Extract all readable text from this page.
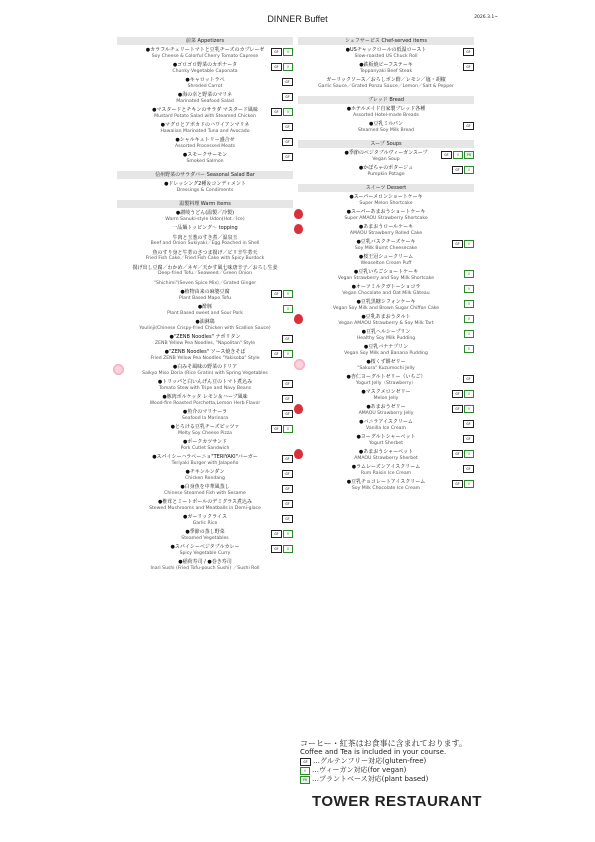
DINNER Buffet	2026.3.1~
前菜 Appetizers
●カラフルチェリートマトと豆乳チーズのカプレーゼ
Soy Cheese & Colorful Cherry Tomato Caprese
GF	V
●ゴロゴロ野菜のカポナータ
Chunky Vegetable Caponata
GF	V
●キャロットラペ
Shreded Carrot
GF
●海の幸と野菜のマリネ
Marinated Seafood Salad
GF
●マスタードとチキンのサラダ マスタード風味
Mustard Potato Salad with Steamed Chicken
GF	V
●マグロとアボカドのハワイアンマリネ
Hawaiian Marinated Tuna and Avocado
GF
●シャルキュトリー盛合せ
Assorted Processed Meats
GF
●スモークサーモン
Smoked Salmon
GF
信州野菜のサラダバー Seasonal Salad Bar
●ドレッシング2種＆コンディメント
Dressings & Condiments
温製料理 Warm items
●讃岐うどん(温製／冷製)
Warm Sanuki-style Udon(Hot／Ice)
一品麺トッピング〜 topping
牛肉と玉葱のすき煮／温泉玉
Beef and Onion Sukiyaki／Egg Poached in Shell
魚のすり身と牛蒡のさつま揚げ／ピリ辛牛蒡天
Fried Fish Cake／Fried Fish Cake with Spicy Burdock
揚げ出し豆腐／わかめ／ネギ／天かす風七味唐辛子／おろし生姜
Deep-fried Tofu／Seaweed／Green Onion
"Shichimi"(Seven Spice Mix)／Grated Ginger
●植物由来の麻婆豆腐
Plant Based Mapo Tofu
GF	V
●酢豚
Plant Based sweet and Sour Pork
V
●油淋鶏
Youlinji(Chinese Crispy-fried Chicken with Scallion Sauce)
●"ZENB Noodles" ナポリタン
ZENB Yellow Pea Noodles, "Napolitan" Style
GF
●"ZENB Noodles" ソース焼きそば
Fried ZENB Yellow Pea Noodles "Yakisoba" Style
GF	V
●白みそ風味の野菜のドリア
Saikyo Miso Doria (Rice Gratin) with Spring Vegetables
●トリッパと白いんげん豆のトマト煮込み
Tomato Stew with Tripe and Navy Beans
GF
●豚肉ポルケッタ レモン＆ハーブ風味
Wood-fire Roasted Porchetta,Lemon Herb Flavor
GF
●魚介のマリナーラ
Seafood la Marinara
GF
●とろける豆乳チーズピッツァ
Melty Soy Cheese Pizza
GF	V
●ポークカツサンド
Pork Cutlet Sandwich
●スパイシーハラペーニョ"TERIYAKI"バーガー
Teriyaki Burger with Jalapeño
GF
●チキンルンダン
Chicken Rendang
GF
●白身魚を中華風蒸し
Chinese Steamed Fish with Sesame
GF
●椎茸とミートボールのデミグラス煮込み
Stewed Mushrooms and Meatballs in Demi-glace
GF
●ガーリックライス
Garlic Rice
GF
●季節の蒸し野菜
Steamed Vegetables
GF	V
●スパイシーベジタブルカレー
Spicy Vegetable Curry
GF	V
●稲荷寿司 / ●巻き寿司
Inari Sushi (Fried Tofu-pouch Sushi) ／Sushi Roll
シェフサービス Chef-served items
●USチャックロールの低温ロースト
Slow-roasted US Chuck Roll
GF
●鉄板焼ビーフステーキ
Teppanyaki Beef Steak
GF
ガーリックソース／おろしポン酢／レモン／塩・胡椒
Garlic Sauce／Grated Ponzu Sauce／Lemon／Salt & Pepper
ブレッド Bread
●ホテルメイド自家製ブレッド各種
Assorted Hotel-made Breads
●豆乳ミルパン
Steamed Soy Milk Bread
GF
スープ Soups
●季節のベジタブルヴィーガンスープ
Vegan Soup
GF	V	PB
●かぼちゃのポタージュ
Pumpkin Potage
GF	V
スイーツ Dessert
●スーパーメロンショートケーキ
Super Melon Shortcake
●スーパーあまおうショートケーキ
Super AMAOU Strawberry Shortcake
●あまおうロールケーキ
AMAOU Strawberry Rolled Cake
●豆乳バスクチーズケーキ
Soy Milk Burnt Cheesecake
GF	V
●桜王冠シュークリーム
Weaselton Cream Puff
●豆乳いちごショートケーキ
Vegan Strawberry and Soy Milk Shortcake
V
●オーツミルクガトーショコラ
Vegan Chocolate and Oat Milk Gâteau
V
●豆乳黒糖シフォンケーキ
Vegan Soy Milk and Brown Sugar Chiffon Cake
V
●豆乳あまおうタルト
Vegan AMAOU Strawberry & Soy Milk Tart
V
●豆乳ヘルシープリン
Healthy Soy Milk Pudding
V
●豆乳バナナプリン
Vegan Soy Milk and Banana Pudding
V
●桜くず餅ゼリー
"Sakura" Kuzumochi Jelly
●杏仁ヨーグルトゼリー（いちご）
Yogurt Jelly（Strawberry）
GF
●マスクメロンゼリー
Melon Jelly
GF	V
●あまおうゼリー
AMAOU Strawberry Jelly
GF	V
●バニラアイスクリーム
Vanilla Ice Cream
GF
●ヨーグルトシャーベット
Yogurt Sherbet
GF
●あまおうシャーベット
AMAOU Strawberry Sherbet
GF	V
●ラムレーズンアイスクリーム
Rum Raisin Ice Cream
GF
●豆乳チョコレートアイスクリーム
Soy Milk Chocolate Ice Cream
GF	V
コーヒー・紅茶はお食事に含まれております。
Coffee and Tea is included in your course.
GF …グルテンフリー対応(gluten-free)
V …ヴィーガン対応(for vegan)
PB …プラントベース対応(plant based)
TOWER RESTAURANT
